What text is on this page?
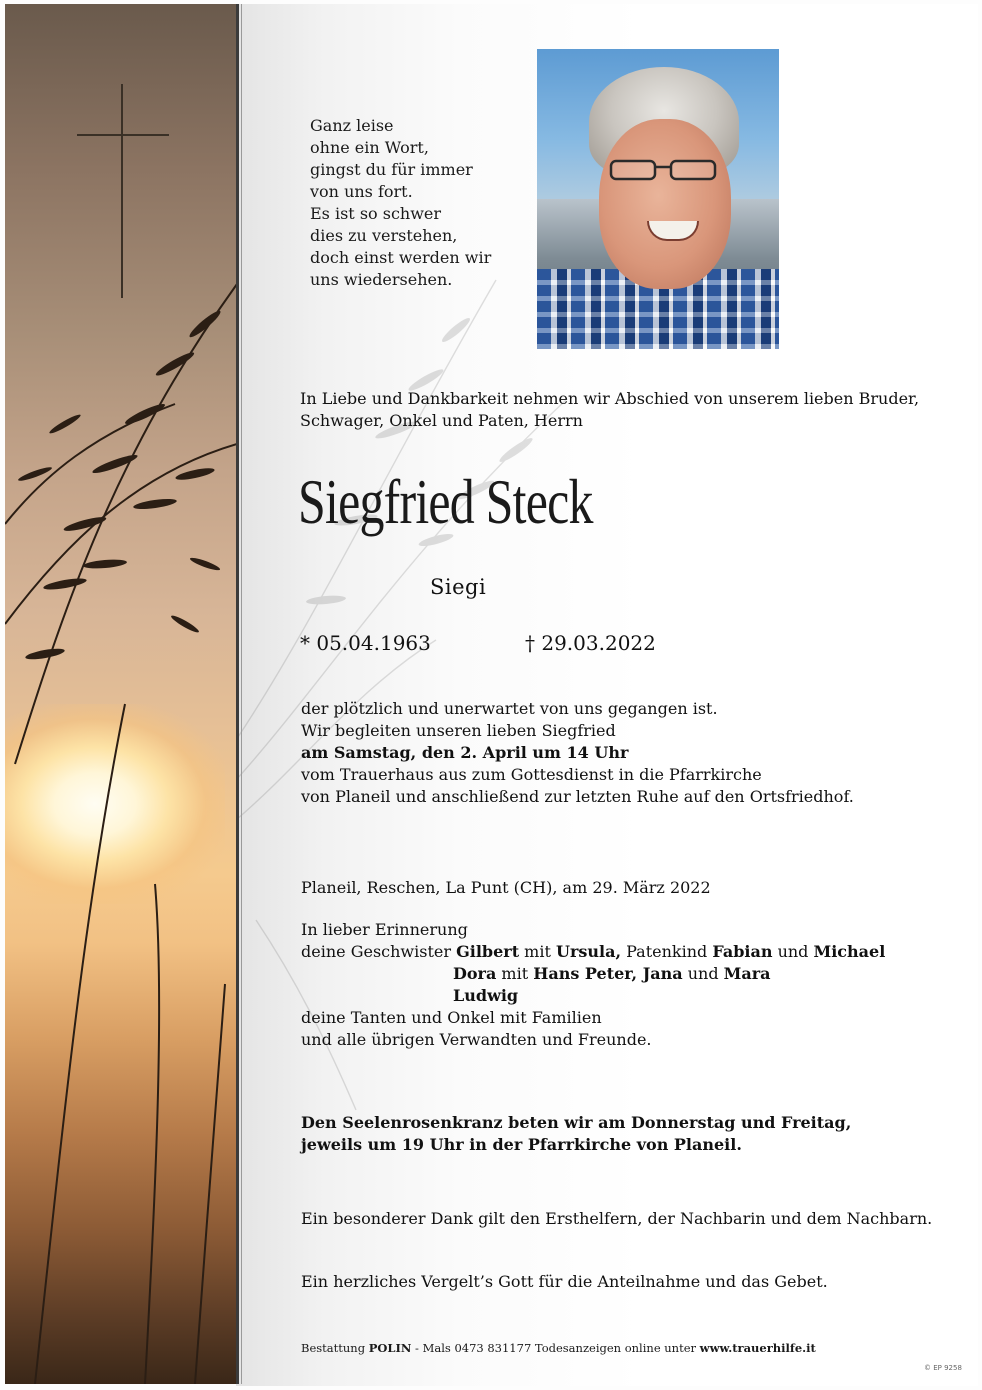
Ganz leise
ohne ein Wort,
gingst du für immer
von uns fort.
Es ist so schwer
dies zu verstehen,
doch einst werden wir
uns wiedersehen.
In Liebe und Dankbarkeit nehmen wir Abschied von unserem lieben Bruder,
Schwager, Onkel und Paten, Herrn
Siegfried Steck
Siegi
* 05.04.1963	† 29.03.2022
der plötzlich und unerwartet von uns gegangen ist.
Wir begleiten unseren lieben Siegfried
am Samstag, den 2. April um 14 Uhr
vom Trauerhaus aus zum Gottesdienst in die Pfarrkirche
von Planeil und anschließend zur letzten Ruhe auf den Ortsfriedhof.
Planeil, Reschen, La Punt (CH), am 29. März 2022
In lieber Erinnerung
deine Geschwister Gilbert mit Ursula, Patenkind Fabian und Michael
Dora mit Hans Peter, Jana und Mara
Ludwig
deine Tanten und Onkel mit Familien
und alle übrigen Verwandten und Freunde.
Den Seelenrosenkranz beten wir am Donnerstag und Freitag,
jeweils um 19 Uhr in der Pfarrkirche von Planeil.
Ein besonderer Dank gilt den Ersthelfern, der Nachbarin und dem Nachbarn.
Ein herzliches Vergelt’s Gott für die Anteilnahme und das Gebet.
Bestattung POLIN - Mals 0473 831177 Todesanzeigen online unter www.trauerhilfe.it
© EP 9258
